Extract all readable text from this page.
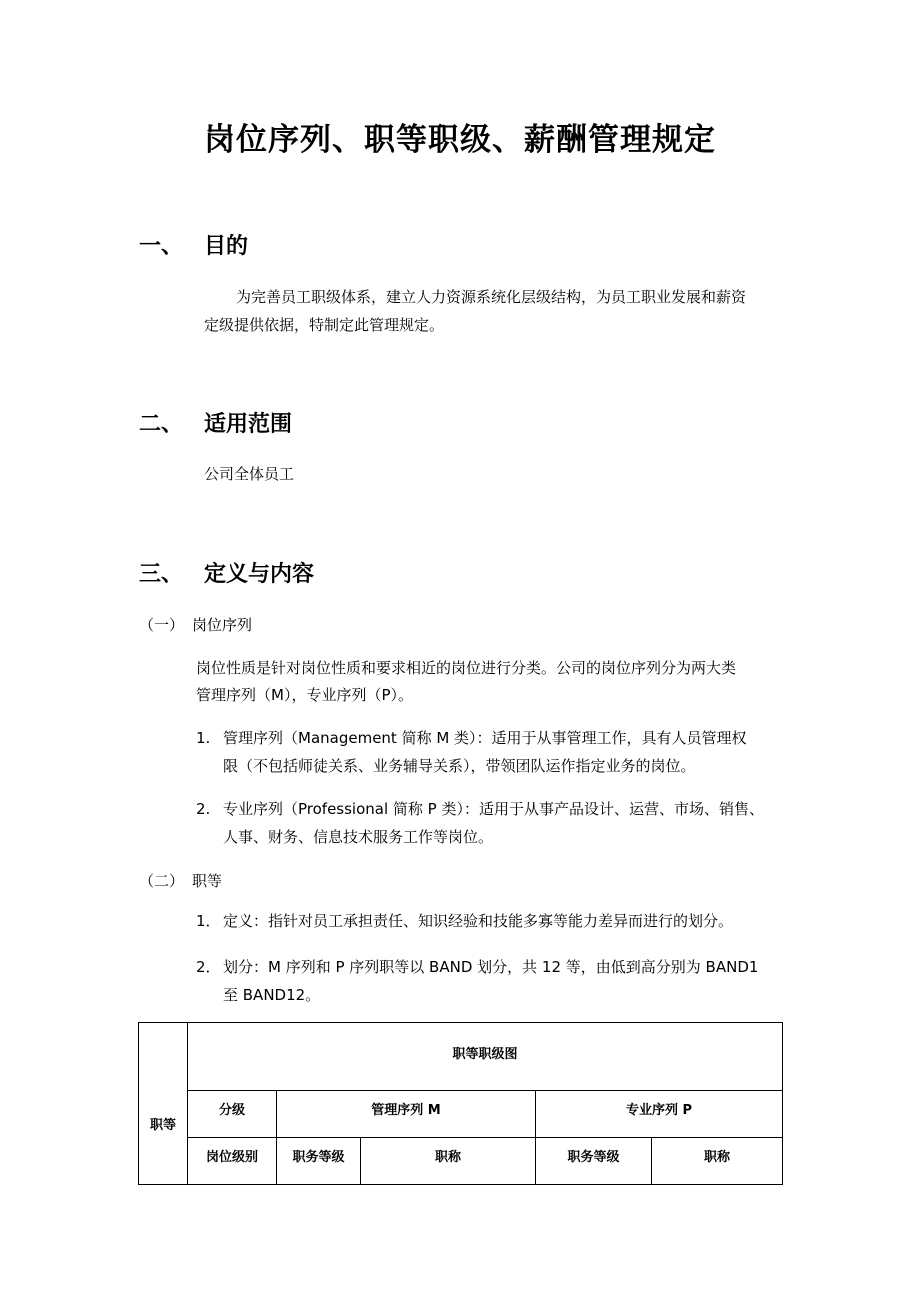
岗位序列、职等职级、薪酬管理规定
一、 目的

为完善员工职级体系，建立人力资源系统化层级结构，为员工职业发展和薪资

定级提供依据，特制定此管理规定。

二、 适用范围

公司全体员工

三、 定义与内容
（一） 岗位序列

岗位性质是针对岗位性质和要求相近的岗位进行分类。公司的岗位序列分为两大类

管理序列（M），专业序列（P）。

1. 管理序列（Management 简称 M 类）：适用于从事管理工作，具有人员管理权

限（不包括师徒关系、业务辅导关系），带领团队运作指定业务的岗位。

2. 专业序列（Professional 简称 P 类）：适用于从事产品设计、运营、市场、销售、

人事、财务、信息技术服务工作等岗位。

（二） 职等
1． 定义：指针对员工承担责任、知识经验和技能多寡等能力差异而进行的划分。

2． 划分：M 序列和 P 序列职等以 BAND 划分，共 12 等，由低到高分别为 BAND1

至 BAND12。

职等	职等职级图				
	分级	管理序列 M		专业序列 P	
	岗位级别	职务等级	职称	职务等级	职称
